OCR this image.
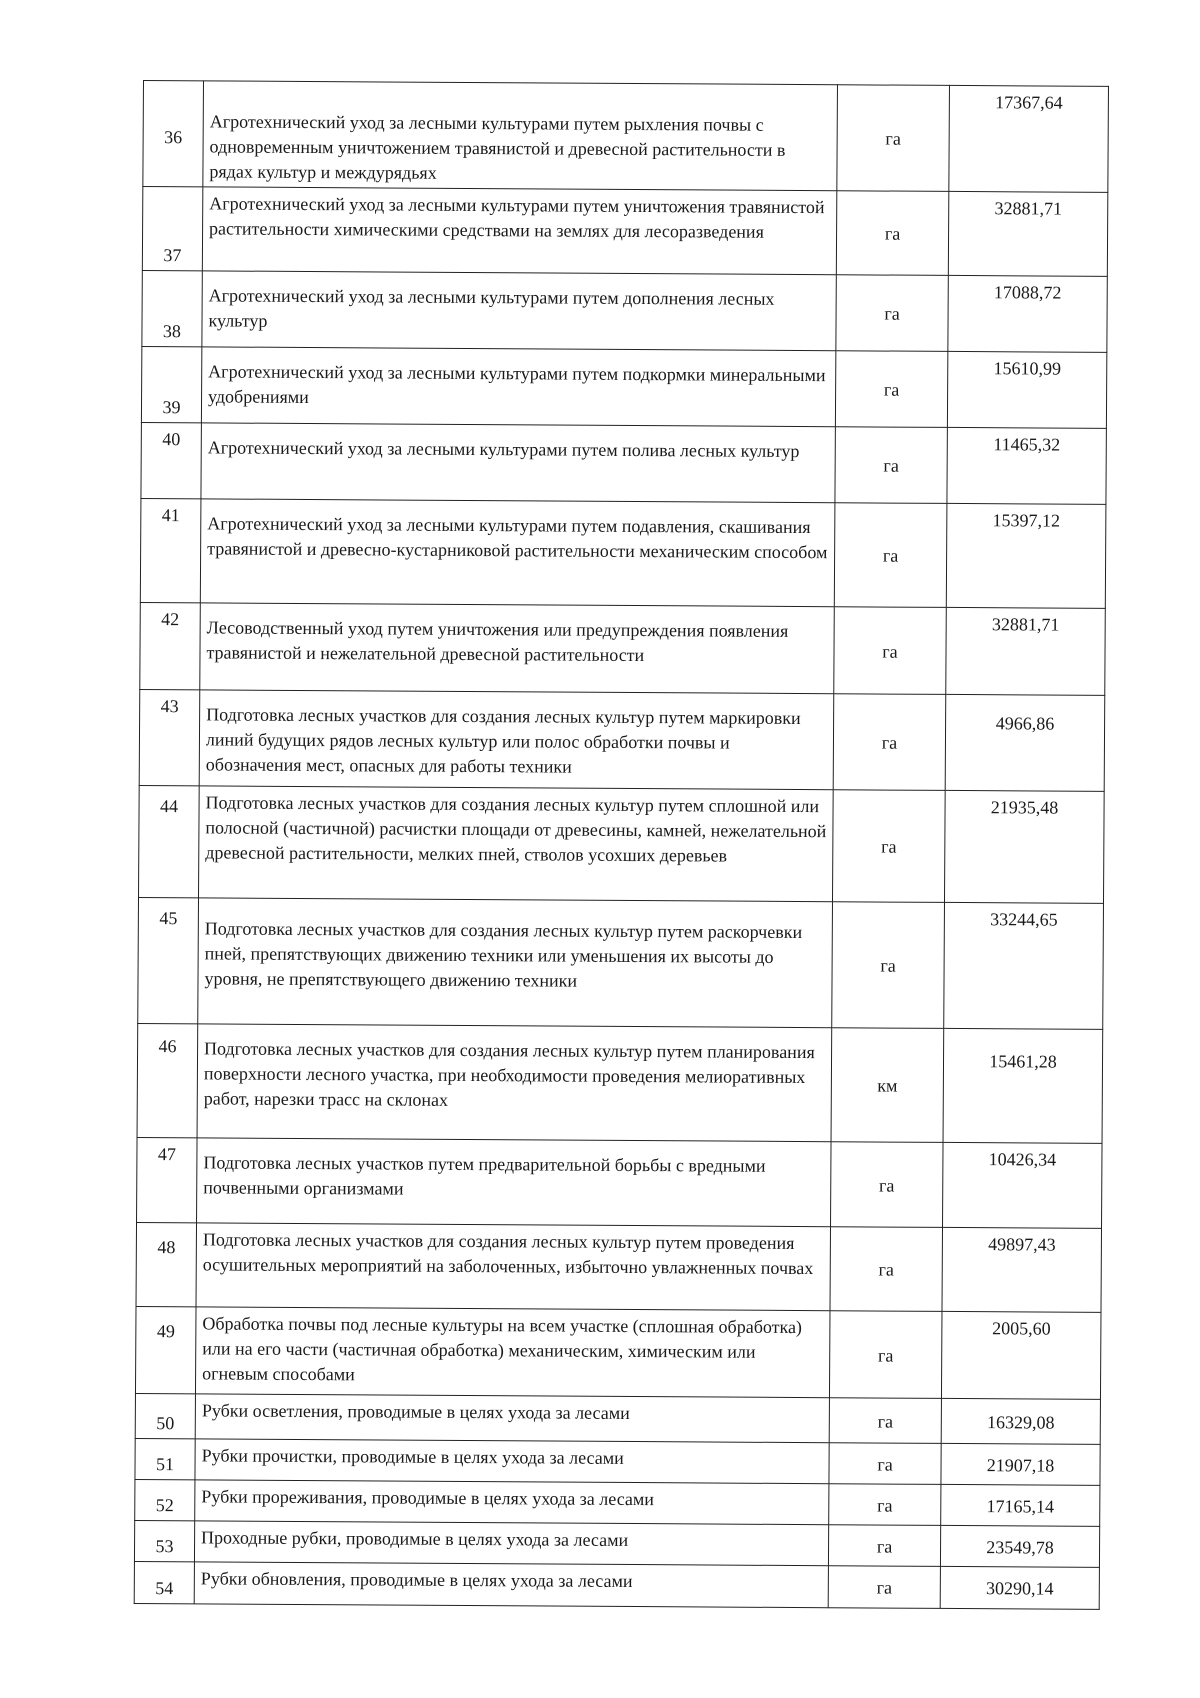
36	Агротехнический уход за лесными культурами путем рыхления почвы с одновременным уничтожением травянистой и древесной растительности в рядах культур и междурядьях	га	17367,64
37	Агротехнический уход за лесными культурами путем уничтожения травянистой растительности химическими средствами на землях для лесоразведения	га	32881,71
38	Агротехнический уход за лесными культурами путем дополнения лесных культур	га	17088,72
39	Агротехнический уход за лесными культурами путем подкормки минеральными удобрениями	га	15610,99
40	Агротехнический уход за лесными культурами путем полива лесных культур	га	11465,32
41	Агротехнический уход за лесными культурами путем подавления, скашивания травянистой и древесно-кустарниковой растительности механическим способом	га	15397,12
42	Лесоводственный уход путем уничтожения или предупреждения появления травянистой и нежелательной древесной растительности	га	32881,71
43	Подготовка лесных участков для создания лесных культур путем маркировки линий будущих рядов лесных культур или полос обработки почвы и обозначения мест, опасных для работы техники	га	4966,86
44	Подготовка лесных участков для создания лесных культур путем сплошной или полосной (частичной) расчистки площади от древесины, камней, нежелательной древесной растительности, мелких пней, стволов усохших деревьев	га	21935,48
45	Подготовка лесных участков для создания лесных культур путем раскорчевки пней, препятствующих движению техники или уменьшения их высоты до уровня, не препятствующего движению техники	га	33244,65
46	Подготовка лесных участков для создания лесных культур путем планирования поверхности лесного участка, при необходимости проведения мелиоративных работ, нарезки трасс на склонах	км	15461,28
47	Подготовка лесных участков путем предварительной борьбы с вредными почвенными организмами	га	10426,34
48	Подготовка лесных участков для создания лесных культур путем проведения осушительных мероприятий на заболоченных, избыточно увлажненных почвах	га	49897,43
49	Обработка почвы под лесные культуры на всем участке (сплошная обработка) или на его части (частичная обработка) механическим, химическим или огневым способами	га	2005,60
50	Рубки осветления, проводимые в целях ухода за лесами	га	16329,08
51	Рубки прочистки, проводимые в целях ухода за лесами	га	21907,18
52	Рубки прореживания, проводимые в целях ухода за лесами	га	17165,14
53	Проходные рубки, проводимые в целях ухода за лесами	га	23549,78
54	Рубки обновления, проводимые в целях ухода за лесами	га	30290,14
